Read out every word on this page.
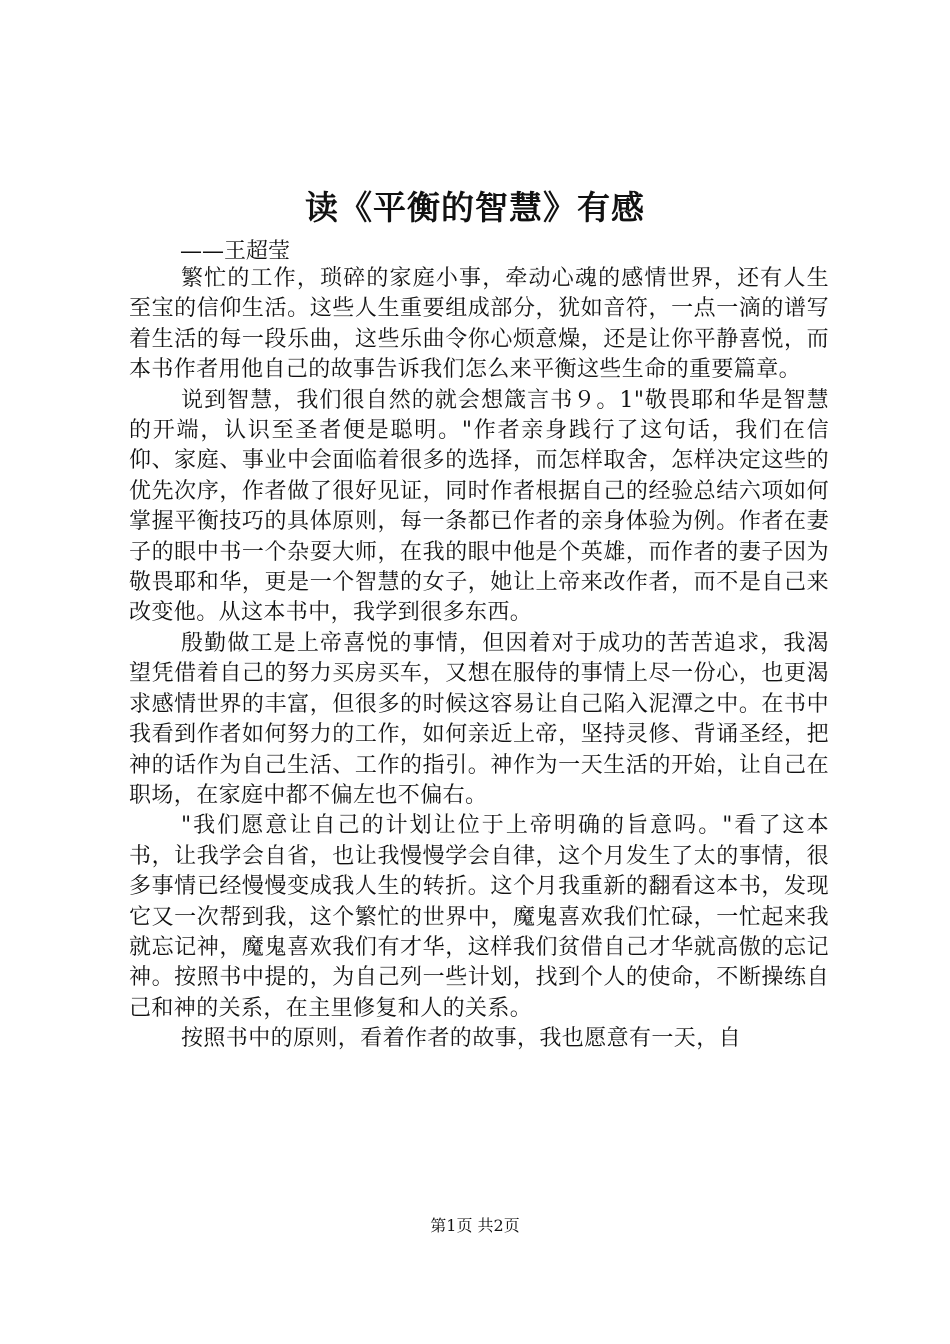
读《平衡的智慧》有感
——王超莹

繁忙的工作，琐碎的家庭小事，牵动心魂的感情世界，还有人生至宝的信仰生活。这些人生重要组成部分，犹如音符，一点一滴的谱写着生活的每一段乐曲，这些乐曲令你心烦意燥，还是让你平静喜悦，而本书作者用他自己的故事告诉我们怎么来平衡这些生命的重要篇章。

说到智慧，我们很自然的就会想箴言书９。1"敬畏耶和华是智慧的开端，认识至圣者便是聪明。"作者亲身践行了这句话，我们在信仰、家庭、事业中会面临着很多的选择，而怎样取舍，怎样决定这些的优先次序，作者做了很好见证，同时作者根据自己的经验总结六项如何掌握平衡技巧的具体原则，每一条都已作者的亲身体验为例。作者在妻子的眼中书一个杂耍大师，在我的眼中他是个英雄，而作者的妻子因为敬畏耶和华，更是一个智慧的女子，她让上帝来改作者，而不是自己来改变他。从这本书中，我学到很多东西。

殷勤做工是上帝喜悦的事情，但因着对于成功的苦苦追求，我渴望凭借着自己的努力买房买车，又想在服侍的事情上尽一份心，也更渴求感情世界的丰富，但很多的时候这容易让自己陷入泥潭之中。在书中我看到作者如何努力的工作，如何亲近上帝，坚持灵修、背诵圣经，把神的话作为自己生活、工作的指引。神作为一天生活的开始，让自己在职场，在家庭中都不偏左也不偏右。

"我们愿意让自己的计划让位于上帝明确的旨意吗。"看了这本书，让我学会自省，也让我慢慢学会自律，这个月发生了太的事情，很多事情已经慢慢变成我人生的转折。这个月我重新的翻看这本书，发现它又一次帮到我，这个繁忙的世界中，魔鬼喜欢我们忙碌，一忙起来我就忘记神，魔鬼喜欢我们有才华，这样我们贫借自己才华就高傲的忘记神。按照书中提的，为自己列一些计划，找到个人的使命，不断操练自己和神的关系，在主里修复和人的关系。

按照书中的原则，看着作者的故事，我也愿意有一天，自

第1页 共2页
